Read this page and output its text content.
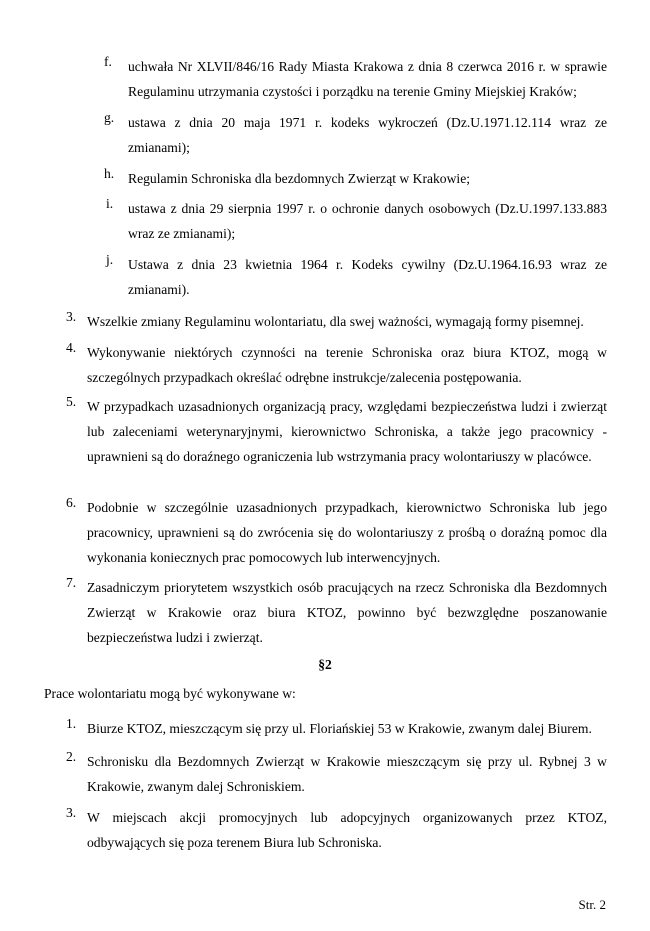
f. uchwała Nr XLVII/846/16 Rady Miasta Krakowa z dnia 8 czerwca 2016 r. w sprawie Regulaminu utrzymania czystości i porządku na terenie Gminy Miejskiej Kraków;
g. ustawa z dnia 20 maja 1971 r. kodeks wykroczeń (Dz.U.1971.12.114 wraz ze zmianami);
h. Regulamin Schroniska dla bezdomnych Zwierząt w Krakowie;
i. ustawa z dnia 29 sierpnia 1997 r. o ochronie danych osobowych (Dz.U.1997.133.883 wraz ze zmianami);
j. Ustawa z dnia 23 kwietnia 1964 r. Kodeks cywilny (Dz.U.1964.16.93 wraz ze zmianami).
3. Wszelkie zmiany Regulaminu wolontariatu, dla swej ważności, wymagają formy pisemnej.
4. Wykonywanie niektórych czynności na terenie Schroniska oraz biura KTOZ, mogą w szczególnych przypadkach określać odrębne instrukcje/zalecenia postępowania.
5. W przypadkach uzasadnionych organizacją pracy, względami bezpieczeństwa ludzi i zwierząt lub zaleceniami weterynaryjnymi, kierownictwo Schroniska, a także jego pracownicy - uprawnieni są do doraźnego ograniczenia lub wstrzymania pracy wolontariuszy w placówce.
6. Podobnie w szczególnie uzasadnionych przypadkach, kierownictwo Schroniska lub jego pracownicy, uprawnieni są do zwrócenia się do wolontariuszy z prośbą o doraźną pomoc dla wykonania koniecznych prac pomocowych lub interwencyjnych.
7. Zasadniczym priorytetem wszystkich osób pracujących na rzecz Schroniska dla Bezdomnych Zwierząt w Krakowie oraz biura KTOZ, powinno być bezwzględne poszanowanie bezpieczeństwa ludzi i zwierząt.
§2
Prace wolontariatu mogą być wykonywane w:
1. Biurze KTOZ, mieszczącym się przy ul. Floriańskiej 53 w Krakowie, zwanym dalej Biurem.
2. Schronisku dla Bezdomnych Zwierząt w Krakowie mieszczącym się przy ul. Rybnej 3 w Krakowie, zwanym dalej Schroniskiem.
3. W miejscach akcji promocyjnych lub adopcyjnych organizowanych przez KTOZ, odbywających się poza terenem Biura lub Schroniska.
Str. 2
